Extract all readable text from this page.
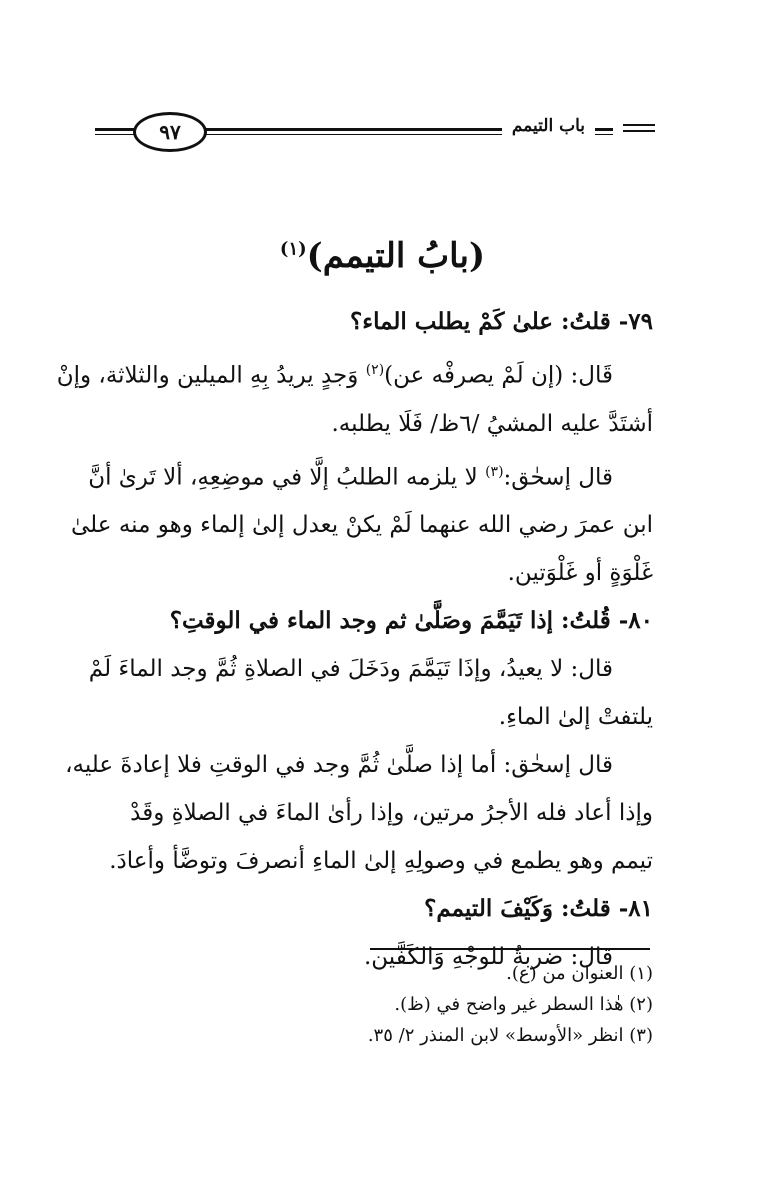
باب التيمم
٩٧
(بابُ التيمم)$^{(١)}$
٧٩- قلتُ: علىٰ كَمْ يطلب الماء؟
قَال: (إن لَمْ يصرفْه عن)$^{(٢)}$ وَجدٍ يريدُ بِهِ الميلين والثلاثة، وإنْ
أشتَدَّ عليه المشيُ /٦ظ/ فَلَا يطلبه.
قال إسحٰق:$^{(٣)}$ لا يلزمه الطلبُ إلَّا في موضِعِهِ، ألا تَرىٰ أنَّ
ابن عمرَ رضي الله عنهما لَمْ يكنْ يعدل إلىٰ إلماء وهو منه علىٰ
غَلْوَةٍ أو غَلْوَتين.
٨٠- قُلتُ: إذا تَيَمَّمَ وصَلَّىٰ ثم وجد الماء في الوقتِ؟
قال: لا يعيدُ، وإذَا تَيَمَّمَ ودَخَلَ في الصلاةِ ثُمَّ وجد الماءَ لَمْ
يلتفتْ إلىٰ الماءِ.
قال إسحٰق: أما إذا صلَّىٰ ثُمَّ وجد في الوقتِ فلا إعادةَ عليه،
وإذا أعاد فله الأجرُ مرتين، وإذا رأىٰ الماءَ في الصلاةِ وقَدْ
تيمم وهو يطمع في وصولِهِ إلىٰ الماءِ أنصرفَ وتوضَّأ وأعادَ.
٨١- قلتُ: وَكَيْفَ التيمم؟
قال: ضربةٌ للوجْهِ وَالكَفَّين.
(١) العنوان من (ع).
(٢) هٰذا السطر غير واضح في (ظ).
(٣) انظر «الأوسط» لابن المنذر ٢/ ٣٥.
